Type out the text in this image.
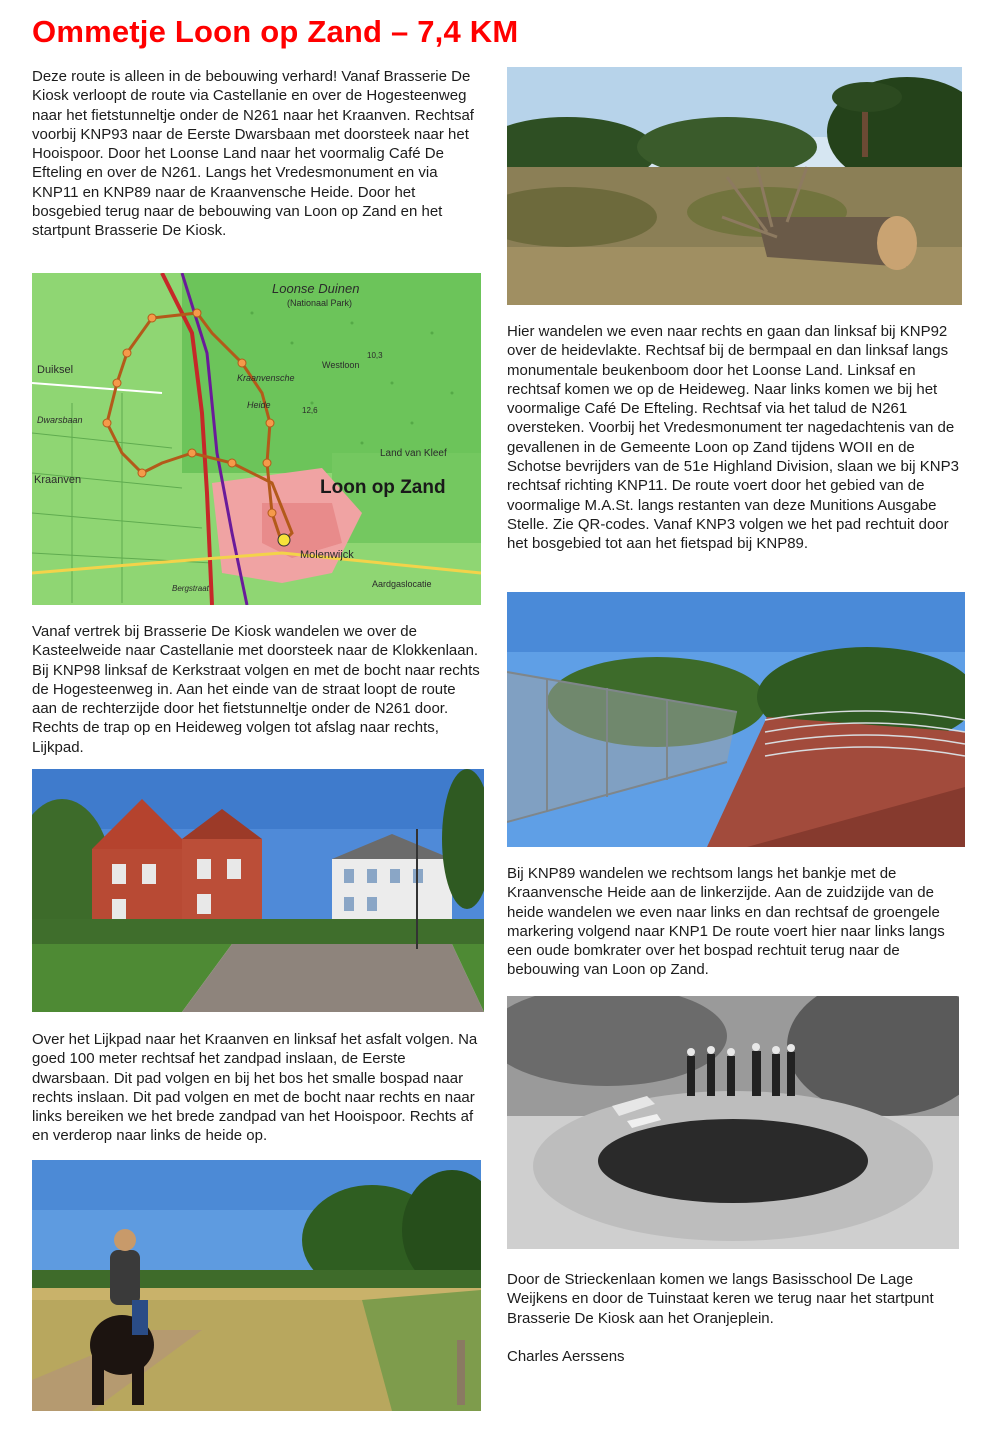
Ommetje Loon op Zand – 7,4 KM

Deze route is alleen in de bebouwing verhard! Vanaf Brasserie De Kiosk verloopt de route via Castellanie en over de Hogesteenweg naar het fietstunneltje onder de N261 naar het Kraanven. Rechtsaf voorbij KNP93 naar de Eerste Dwarsbaan met doorsteek naar het Hooispoor. Door het Loonse Land naar het voormalig Café De Efteling en over de N261. Langs het Vredesmonument en via KNP11 en KNP89 naar de Kraanvensche Heide. Door het bosgebied terug naar de bebouwing van Loon op Zand en het startpunt Brasserie De Kiosk.

Loonse Duinen
(Nationaal Park)
Duiksel
Dwarsbaan
Kraanven
Kraanvensche
Heide
Westloon
Land van Kleef
Loon op Zand
Molenwijck
Aardgaslocatie
Bergstraat
10,3
12,6

Vanaf vertrek bij Brasserie De Kiosk wandelen we over de Kasteelweide naar Castellanie met doorsteek naar de Klokkenlaan. Bij KNP98 linksaf de Kerkstraat volgen en met de bocht naar rechts de Hogesteenweg in. Aan het einde van de straat loopt de route aan de rechterzijde door het fietstunneltje onder de N261 door. Rechts de trap op en Heideweg volgen tot afslag naar rechts, Lijkpad.

Over het Lijkpad naar het Kraanven en linksaf het asfalt volgen. Na goed 100 meter rechtsaf het zandpad inslaan, de Eerste dwarsbaan. Dit pad volgen en bij het bos het smalle bospad naar rechts inslaan. Dit pad volgen en met de bocht naar rechts en naar links bereiken we het brede zandpad van het Hooispoor. Rechts af en verderop naar links de heide op.

Hier wandelen we even naar rechts en gaan dan linksaf bij KNP92 over de heidevlakte. Rechtsaf bij de bermpaal en dan linksaf langs monumentale beukenboom door het Loonse Land. Linksaf en rechtsaf komen we op de Heideweg. Naar links komen we bij het voormalige Café De Efteling. Rechtsaf via het talud de N261 oversteken. Voorbij het Vredesmonument ter nagedachtenis van de gevallenen in de Gemeente Loon op Zand tijdens WOII en de Schotse bevrijders van de 51e Highland Division, slaan we bij KNP3 rechtsaf richting KNP11. De route voert door het gebied van de voormalige M.A.St. langs restanten van deze Munitions Ausgabe Stelle. Zie QR-codes. Vanaf KNP3 volgen we het pad rechtuit door het bosgebied tot aan het fietspad bij KNP89.

Bij KNP89 wandelen we rechtsom langs het bankje met de Kraanvensche Heide aan de linkerzijde. Aan de zuidzijde van de heide wandelen we even naar links en dan rechtsaf de groengele markering volgend naar KNP1 De route voert hier naar links langs een oude bomkrater over het bospad rechtuit terug naar de bebouwing van Loon op Zand.

Door de Strieckenlaan komen we langs Basisschool De Lage Weijkens en door de Tuinstaat keren we terug naar het startpunt Brasserie De Kiosk aan het Oranjeplein.

Charles Aerssens
